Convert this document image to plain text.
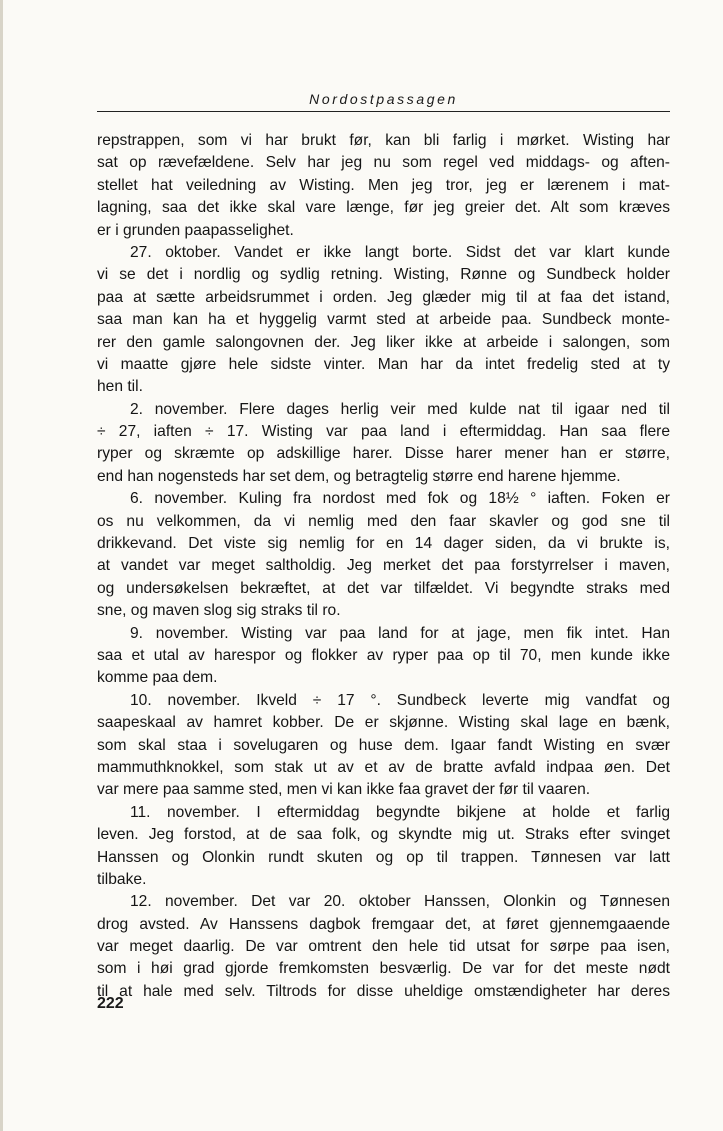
Nordostpassagen
repstrappen, som vi har brukt før, kan bli farlig i mørket. Wisting har
sat op rævefældene. Selv har jeg nu som regel ved middags- og aften-
stellet hat veiledning av Wisting. Men jeg tror, jeg er lærenem i mat-
lagning, saa det ikke skal vare længe, før jeg greier det. Alt som kræves
er i grunden paapasselighet.
27. oktober. Vandet er ikke langt borte. Sidst det var klart kunde
vi se det i nordlig og sydlig retning. Wisting, Rønne og Sundbeck holder
paa at sætte arbeidsrummet i orden. Jeg glæder mig til at faa det istand,
saa man kan ha et hyggelig varmt sted at arbeide paa. Sundbeck monte-
rer den gamle salongovnen der. Jeg liker ikke at arbeide i salongen, som
vi maatte gjøre hele sidste vinter. Man har da intet fredelig sted at ty
hen til.
2. november. Flere dages herlig veir med kulde nat til igaar ned til
÷ 27, iaften ÷ 17. Wisting var paa land i eftermiddag. Han saa flere
ryper og skræmte op adskillige harer. Disse harer mener han er større,
end han nogensteds har set dem, og betragtelig større end harene hjemme.
6. november. Kuling fra nordost med fok og 18½ ° iaften. Foken er
os nu velkommen, da vi nemlig med den faar skavler og god sne til
drikkevand. Det viste sig nemlig for en 14 dager siden, da vi brukte is,
at vandet var meget saltholdig. Jeg merket det paa forstyrrelser i maven,
og undersøkelsen bekræftet, at det var tilfældet. Vi begyndte straks med
sne, og maven slog sig straks til ro.
9. november. Wisting var paa land for at jage, men fik intet. Han
saa et utal av harespor og flokker av ryper paa op til 70, men kunde ikke
komme paa dem.
10. november. Ikveld ÷ 17 °. Sundbeck leverte mig vandfat og
saapeskaal av hamret kobber. De er skjønne. Wisting skal lage en bænk,
som skal staa i sovelugaren og huse dem. Igaar fandt Wisting en svær
mammuthknokkel, som stak ut av et av de bratte avfald indpaa øen. Det
var mere paa samme sted, men vi kan ikke faa gravet der før til vaaren.
11. november. I eftermiddag begyndte bikjene at holde et farlig
leven. Jeg forstod, at de saa folk, og skyndte mig ut. Straks efter svinget
Hanssen og Olonkin rundt skuten og op til trappen. Tønnesen var latt
tilbake.
12. november. Det var 20. oktober Hanssen, Olonkin og Tønnesen
drog avsted. Av Hanssens dagbok fremgaar det, at føret gjennemgaaende
var meget daarlig. De var omtrent den hele tid utsat for sørpe paa isen,
som i høi grad gjorde fremkomsten besværlig. De var for det meste nødt
til at hale med selv. Tiltrods for disse uheldige omstændigheter har deres
222
